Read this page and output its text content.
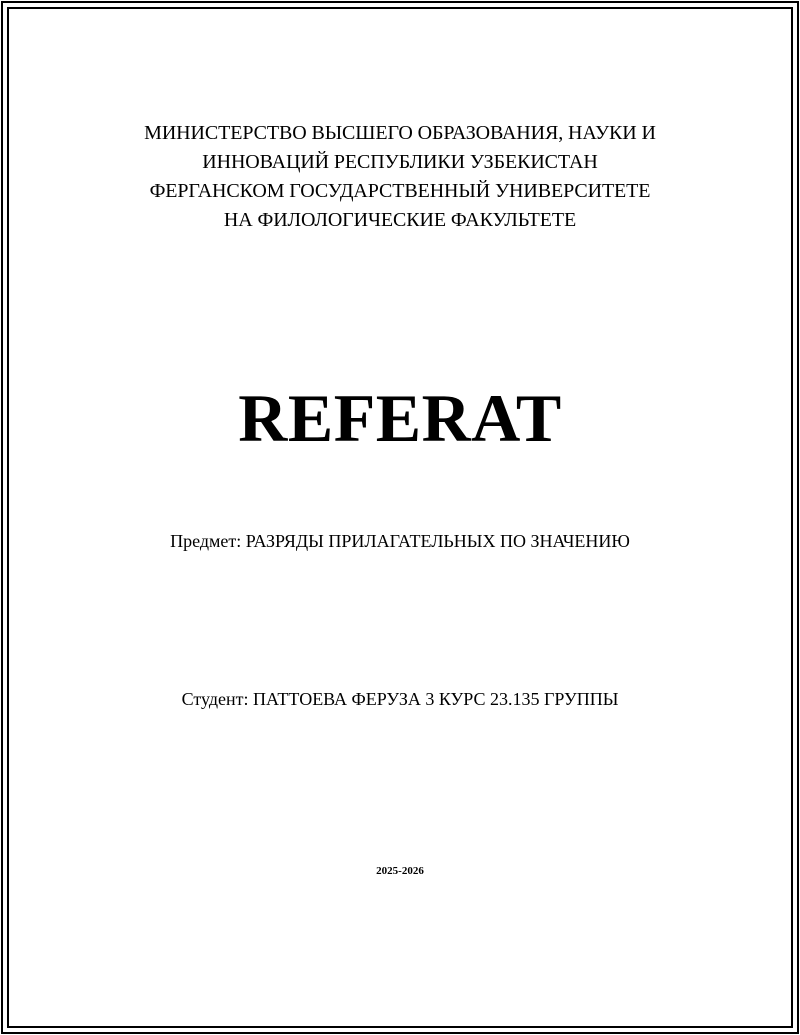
МИНИСТЕРСТВО ВЫСШЕГО ОБРАЗОВАНИЯ, НАУКИ И
ИННОВАЦИЙ РЕСПУБЛИКИ УЗБЕКИСТАН
ФЕРГАНСКОМ ГОСУДАРСТВЕННЫЙ УНИВЕРСИТЕТЕ
НА ФИЛОЛОГИЧЕСКИЕ ФАКУЛЬТЕТЕ
REFERAT
Предмет: РАЗРЯДЫ ПРИЛАГАТЕЛЬНЫХ ПО ЗНАЧЕНИЮ
Студент: ПАТТОЕВА ФЕРУЗА 3 КУРС 23.135 ГРУППЫ
2025-2026
